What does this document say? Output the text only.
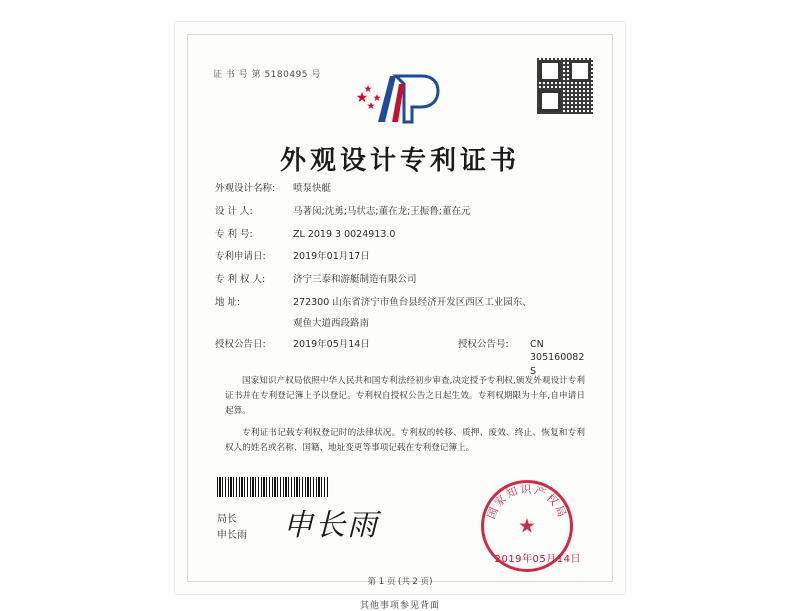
证 书 号 第 5180495 号
外观设计专利证书
外观设计名称:	喷泵快艇
设 计 人:	马著闵;沈勇;马状志;董在龙;王振鲁;董在元
专 利 号:	ZL 2019 3 0024913.0
专利申请日:	2019年01月17日
专 利 权 人:	济宁三泰和游艇制造有限公司
地 址:	272300 山东省济宁市鱼台县经济开发区西区工业园东、
观鱼大道西段路南
授权公告日:	2019年05月14日	授权公告号:	CN 305160082 S
国家知识产权局依照中华人民共和国专利法经初步审查,决定授予专利权,颁发外观设计专利证书并在专利登记簿上予以登记。专利权自授权公告之日起生效。专利权期限为十年,自申请日起算。
专利证书记载专利权登记时的法律状况。专利权的转移、质押、废效、终止、恢复和专利权人的姓名或名称、国籍、地址变更等事项记载在专利登记簿上。
局长
申长雨 申长雨	★
国家知识产权局
2019年05月14日
第 1 页 (共 2 页)
其他事项参见背面
